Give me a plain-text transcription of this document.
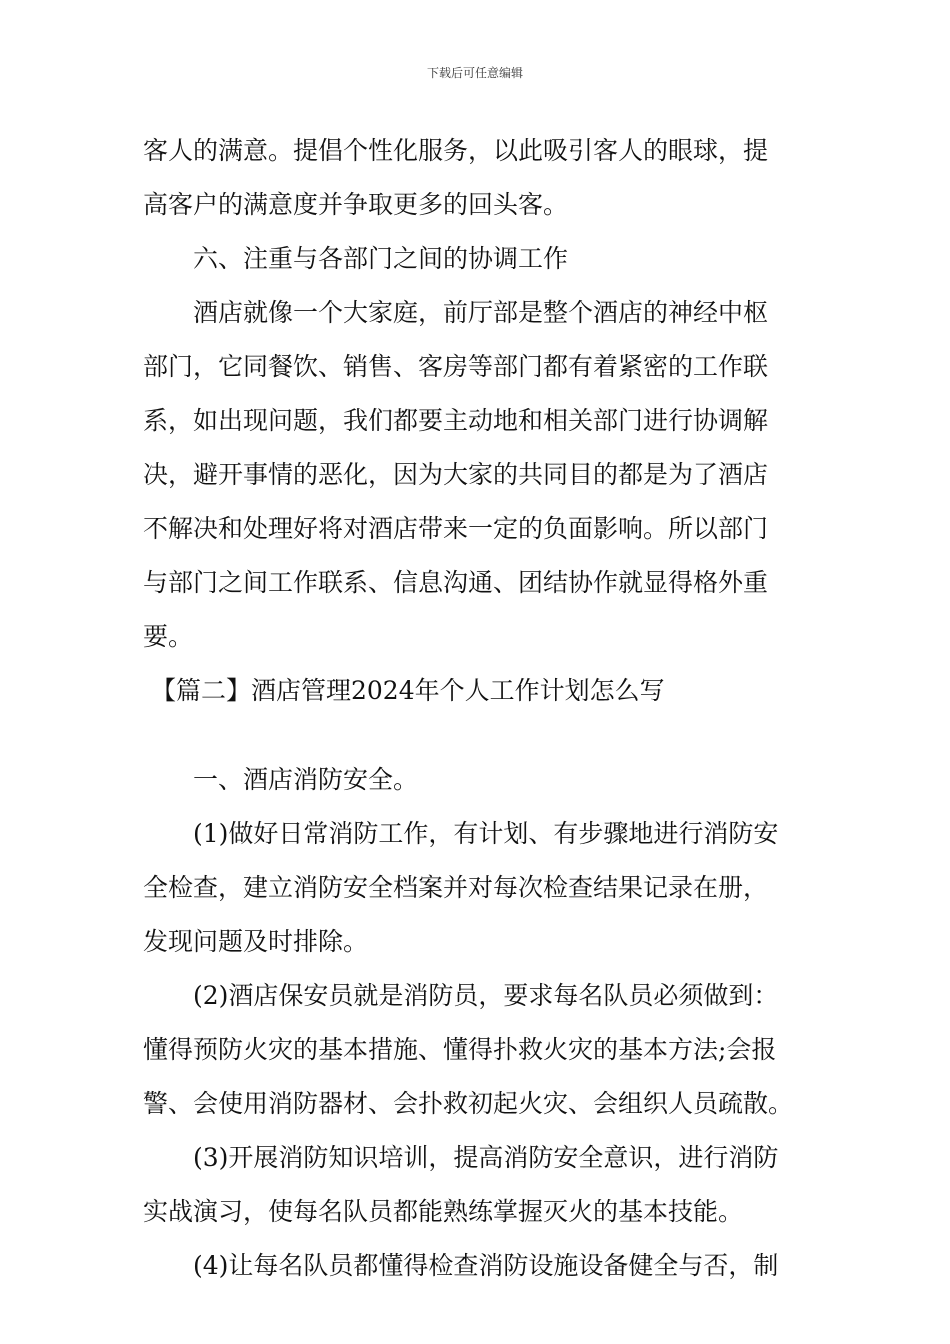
下载后可任意编辑
客人的满意。提倡个性化服务，以此吸引客人的眼球，提
高客户的满意度并争取更多的回头客。
六、注重与各部门之间的协调工作
酒店就像一个大家庭，前厅部是整个酒店的神经中枢
部门，它同餐饮、销售、客房等部门都有着紧密的工作联
系，如出现问题，我们都要主动地和相关部门进行协调解
决，避开事情的恶化，因为大家的共同目的都是为了酒店
不解决和处理好将对酒店带来一定的负面影响。所以部门
与部门之间工作联系、信息沟通、团结协作就显得格外重
要。
【篇二】酒店管理2024年个人工作计划怎么写
一、酒店消防安全。
(1)做好日常消防工作，有计划、有步骤地进行消防安
全检查，建立消防安全档案并对每次检查结果记录在册，
发现问题及时排除。
(2)酒店保安员就是消防员，要求每名队员必须做到：
懂得预防火灾的基本措施、懂得扑救火灾的基本方法;会报
警、会使用消防器材、会扑救初起火灾、会组织人员疏散。
(3)开展消防知识培训，提高消防安全意识，进行消防
实战演习，使每名队员都能熟练掌握灭火的基本技能。
(4)让每名队员都懂得检查消防设施设备健全与否，制
